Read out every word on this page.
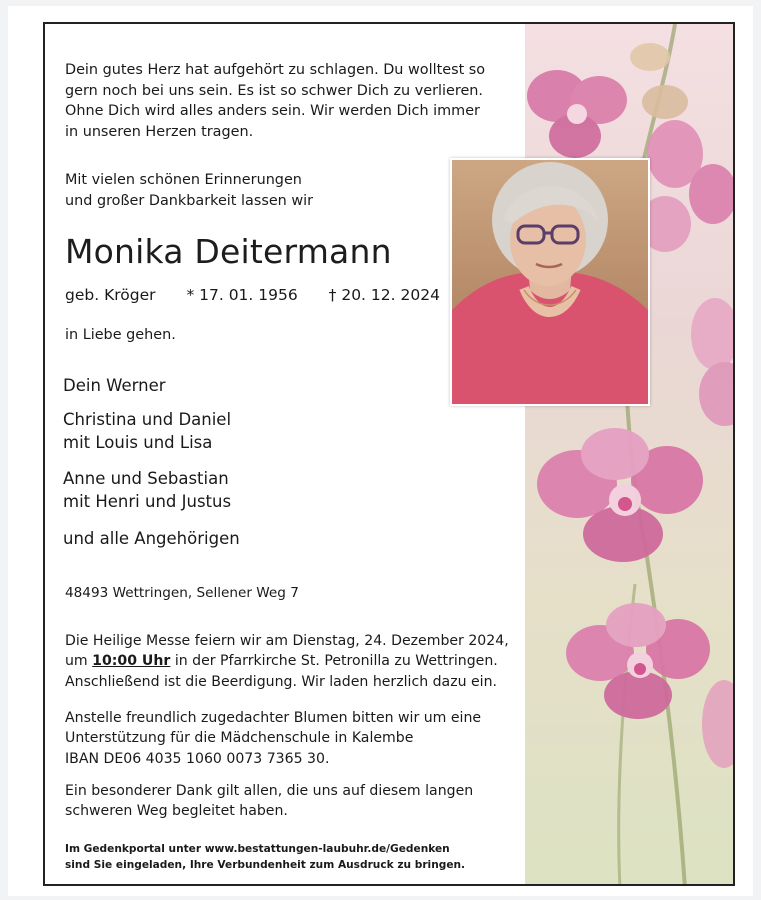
Dein gutes Herz hat aufgehört zu schlagen. Du wolltest so
gern noch bei uns sein. Es ist so schwer Dich zu verlieren.
Ohne Dich wird alles anders sein. Wir werden Dich immer
in unseren Herzen tragen.
Mit vielen schönen Erinnerungen
und großer Dankbarkeit lassen wir
Monika Deitermann
geb. Kröger * 17. 01. 1956 † 20. 12. 2024
in Liebe gehen.
Dein Werner
Christina und Daniel
mit Louis und Lisa
Anne und Sebastian
mit Henri und Justus
und alle Angehörigen
48493 Wettringen, Sellener Weg 7
Die Heilige Messe feiern wir am Dienstag, 24. Dezember 2024,
um 10:00 Uhr in der Pfarrkirche St. Petronilla zu Wettringen.
Anschließend ist die Beerdigung. Wir laden herzlich dazu ein.
Anstelle freundlich zugedachter Blumen bitten wir um eine
Unterstützung für die Mädchenschule in Kalembe
IBAN DE06 4035 1060 0073 7365 30.
Ein besonderer Dank gilt allen, die uns auf diesem langen
schweren Weg begleitet haben.
Im Gedenkportal unter www.bestattungen-laubuhr.de/Gedenken
sind Sie eingeladen, Ihre Verbundenheit zum Ausdruck zu bringen.
